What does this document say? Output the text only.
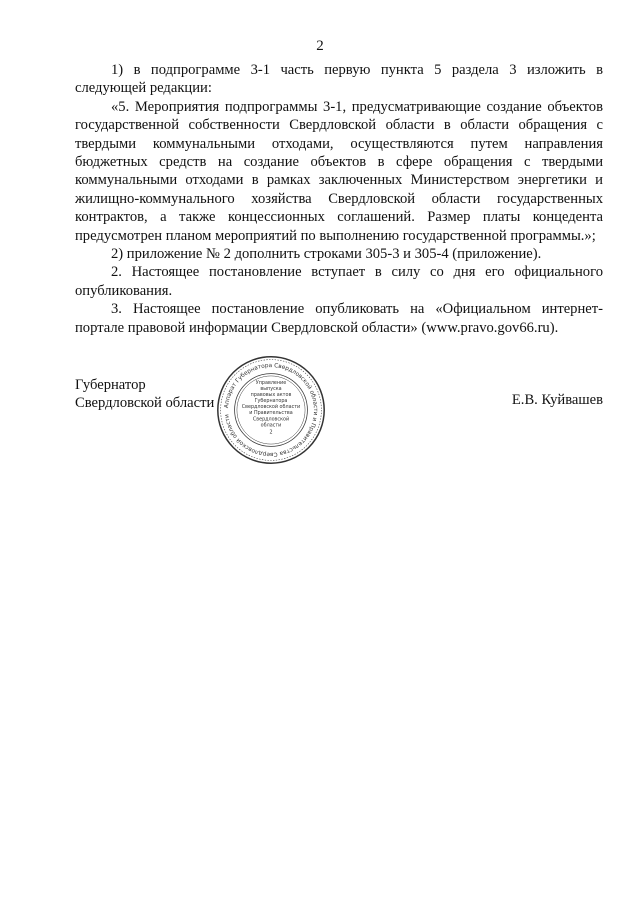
2

1) в подпрограмме 3-1 часть первую пункта 5 раздела 3 изложить в следующей редакции:

«5. Мероприятия подпрограммы 3-1, предусматривающие создание объектов государственной собственности Свердловской области в области обращения с твердыми коммунальными отходами, осуществляются путем направления бюджетных средств на создание объектов в сфере обращения с твердыми коммунальными отходами в рамках заключенных Министерством энергетики и жилищно-коммунального хозяйства Свердловской области государственных контрактов, а также концессионных соглашений. Размер платы концедента предусмотрен планом мероприятий по выполнению государственной программы.»;

2) приложение № 2 дополнить строками 305-3 и 305-4 (приложение).

2. Настоящее постановление вступает в силу со дня его официального опубликования.

3. Настоящее постановление опубликовать на «Официальном интернет-портале правовой информации Свердловской области» (www.pravo.gov66.ru).

Губернатор
Свердловской области Аппарат Губернатора Свердловской области и Правительства Свердловской области
Управление
выпуска
правовых актов
Губернатора
Свердловской области
и Правительства
Свердловской
области
2
Е.В. Куйвашев
